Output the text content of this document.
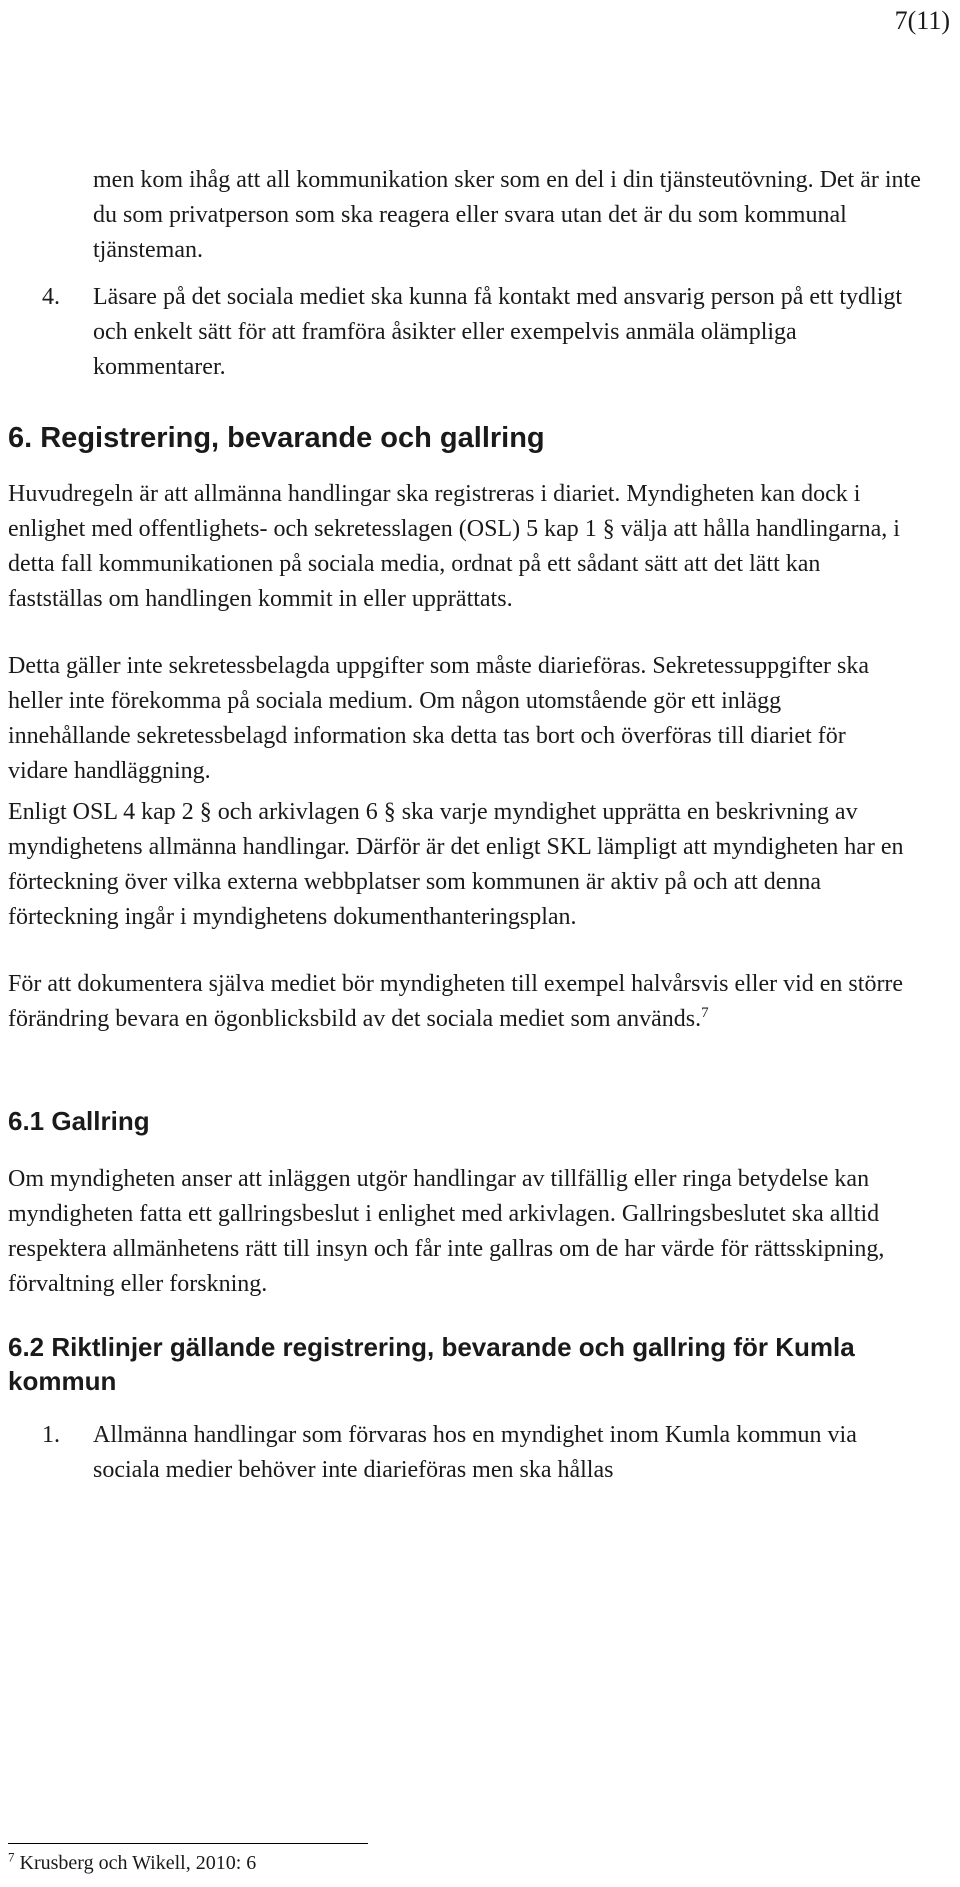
7(11)

men kom ihåg att all kommunikation sker som en del i din tjänsteutövning. Det är inte du som privatperson som ska reagera eller svara utan det är du som kommunal tjänsteman.

4. Läsare på det sociala mediet ska kunna få kontakt med ansvarig person på ett tydligt och enkelt sätt för att framföra åsikter eller exempelvis anmäla olämpliga kommentarer.

6. Registrering, bevarande och gallring

Huvudregeln är att allmänna handlingar ska registreras i diariet. Myndigheten kan dock i enlighet med offentlighets- och sekretesslagen (OSL) 5 kap 1 § välja att hålla handlingarna, i detta fall kommunikationen på sociala media, ordnat på ett sådant sätt att det lätt kan fastställas om handlingen kommit in eller upprättats.

Detta gäller inte sekretessbelagda uppgifter som måste diarieföras. Sekretessuppgifter ska heller inte förekomma på sociala medium. Om någon utomstående gör ett inlägg innehållande sekretessbelagd information ska detta tas bort och överföras till diariet för vidare handläggning.

Enligt OSL 4 kap 2 § och arkivlagen 6 § ska varje myndighet upprätta en beskrivning av myndighetens allmänna handlingar. Därför är det enligt SKL lämpligt att myndigheten har en förteckning över vilka externa webbplatser som kommunen är aktiv på och att denna förteckning ingår i myndighetens dokumenthanteringsplan.

För att dokumentera själva mediet bör myndigheten till exempel halvårsvis eller vid en större förändring bevara en ögonblicksbild av det sociala mediet som används.$^7$

6.1 Gallring

Om myndigheten anser att inläggen utgör handlingar av tillfällig eller ringa betydelse kan myndigheten fatta ett gallringsbeslut i enlighet med arkivlagen. Gallringsbeslutet ska alltid respektera allmänhetens rätt till insyn och får inte gallras om de har värde för rättsskipning, förvaltning eller forskning.

6.2 Riktlinjer gällande registrering, bevarande och gallring för Kumla kommun
1. Allmänna handlingar som förvaras hos en myndighet inom Kumla kommun via sociala medier behöver inte diarieföras men ska hållas

$^7$ Krusberg och Wikell, 2010: 6
